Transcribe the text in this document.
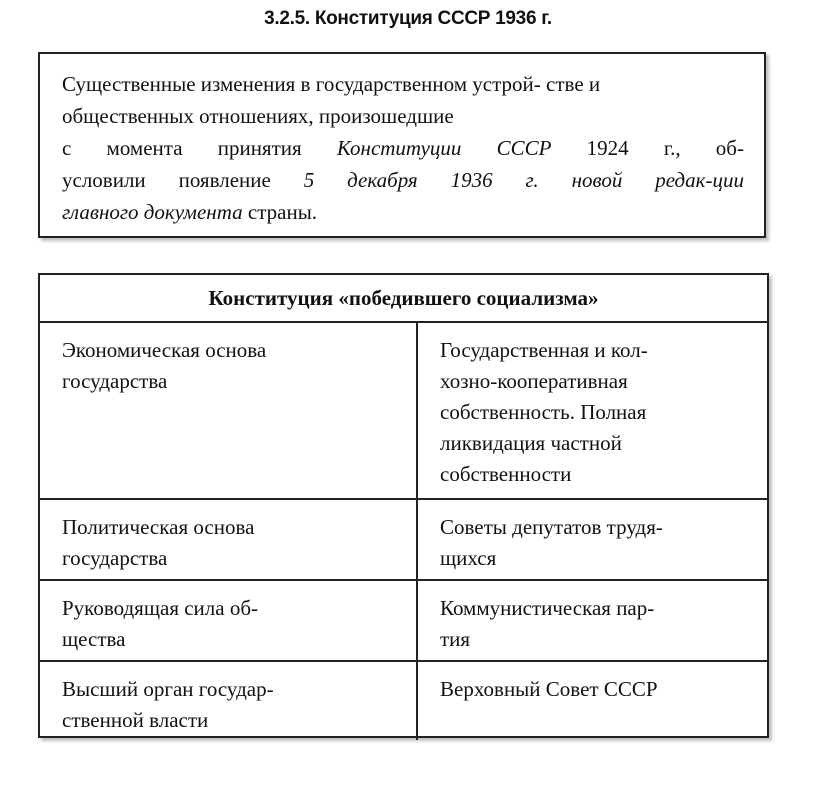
3.2.5. Конституция СССР 1936 г.
Существенные изменения в государственном устрой- стве и
общественных отношениях, произошедшие
с момента принятия Конституции СССР 1924 г., об-
условили появление 5 декабря 1936 г. новой редак-ции
главного документа страны.
Конституция «победившего социализма»	

Экономическая основа
государства	Государственная и кол-
хозно-кооперативная
собственность. Полная
ликвидация частной
собственности

Политическая основа
государства	Советы депутатов трудя-
щихся

Руководящая сила об-
щества	Коммунистическая пар-
тия

Высший орган государ-
ственной власти	Верховный Совет СССР
